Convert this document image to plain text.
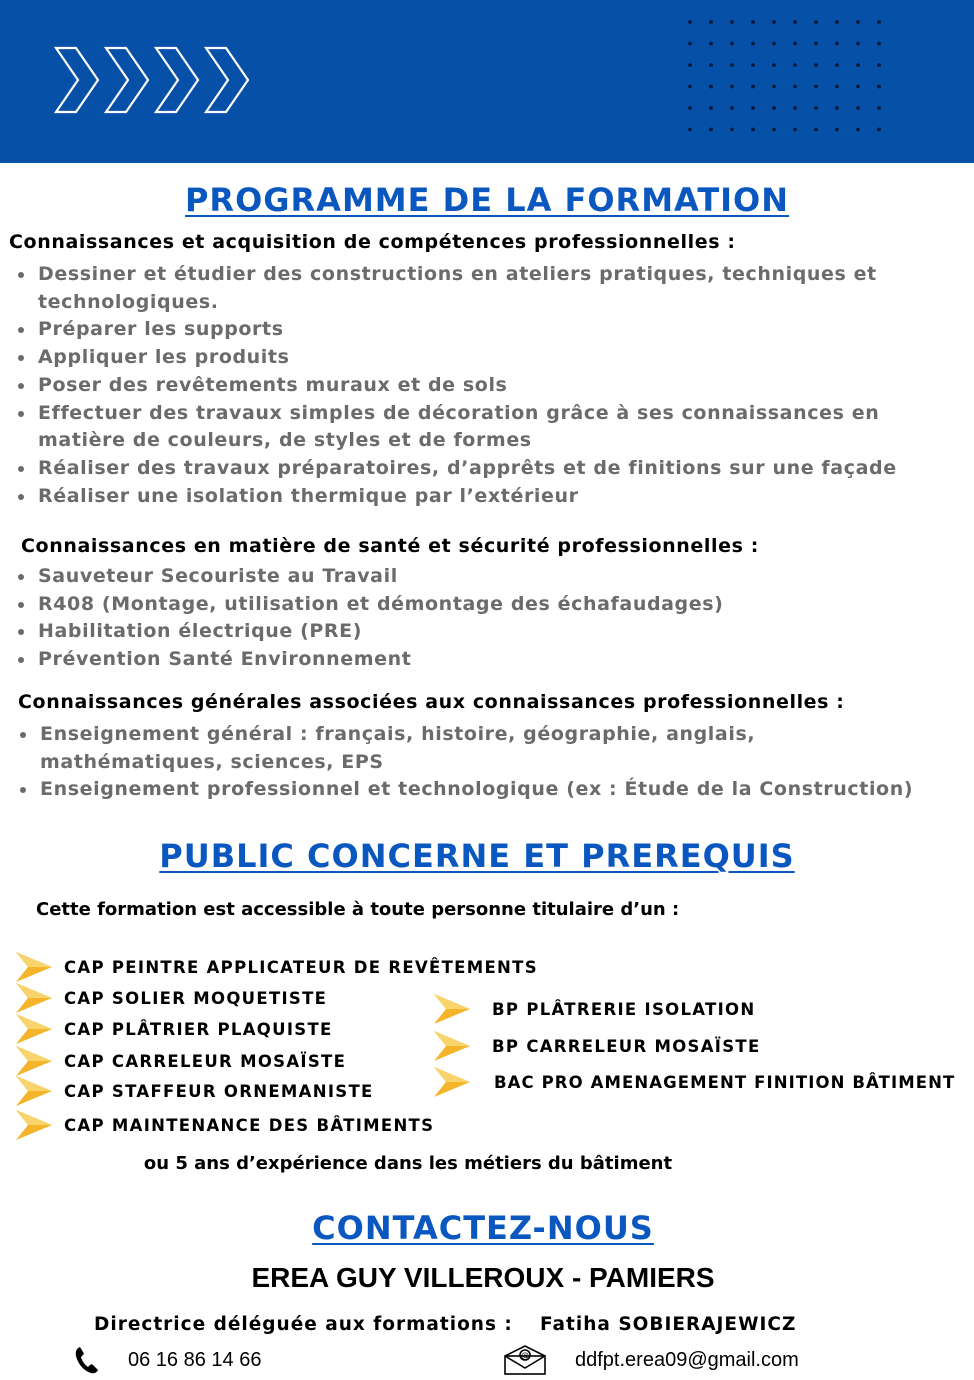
PROGRAMME DE LA FORMATION
Connaissances et acquisition de compétences professionnelles :
Dessiner et étudier des constructions en ateliers pratiques, techniques et technologiques.
Préparer les supports
Appliquer les produits
Poser des revêtements muraux et de sols
Effectuer des travaux simples de décoration grâce à ses connaissances en matière de couleurs, de styles et de formes
Réaliser des travaux préparatoires, d’apprêts et de finitions sur une façade
Réaliser une isolation thermique par l’extérieur
Connaissances en matière de santé et sécurité professionnelles :
Sauveteur Secouriste au Travail
R408 (Montage, utilisation et démontage des échafaudages)
Habilitation électrique (PRE)
Prévention Santé Environnement
Connaissances générales associées aux connaissances professionnelles :
Enseignement général : français, histoire, géographie, anglais, mathématiques, sciences, EPS
Enseignement professionnel et technologique (ex : Étude de la Construction)
PUBLIC CONCERNE ET PREREQUIS
Cette formation est accessible à toute personne titulaire d’un :
CAP PEINTRE APPLICATEUR DE REVÊTEMENTS
CAP SOLIER MOQUETISTE
CAP PLÂTRIER PLAQUISTE
CAP CARRELEUR MOSAÏSTE
CAP STAFFEUR ORNEMANISTE
CAP MAINTENANCE DES BÂTIMENTS
BP PLÂTRERIE ISOLATION
BP CARRELEUR MOSAÏSTE
BAC PRO AMENAGEMENT FINITION BÂTIMENT
ou 5 ans d’expérience dans les métiers du bâtiment
CONTACTEZ-NOUS
EREA GUY VILLEROUX - PAMIERS
Directrice déléguée aux formations : Fatiha SOBIERAJEWICZ
06 16 86 14 66	@ ddfpt.erea09@gmail.com
